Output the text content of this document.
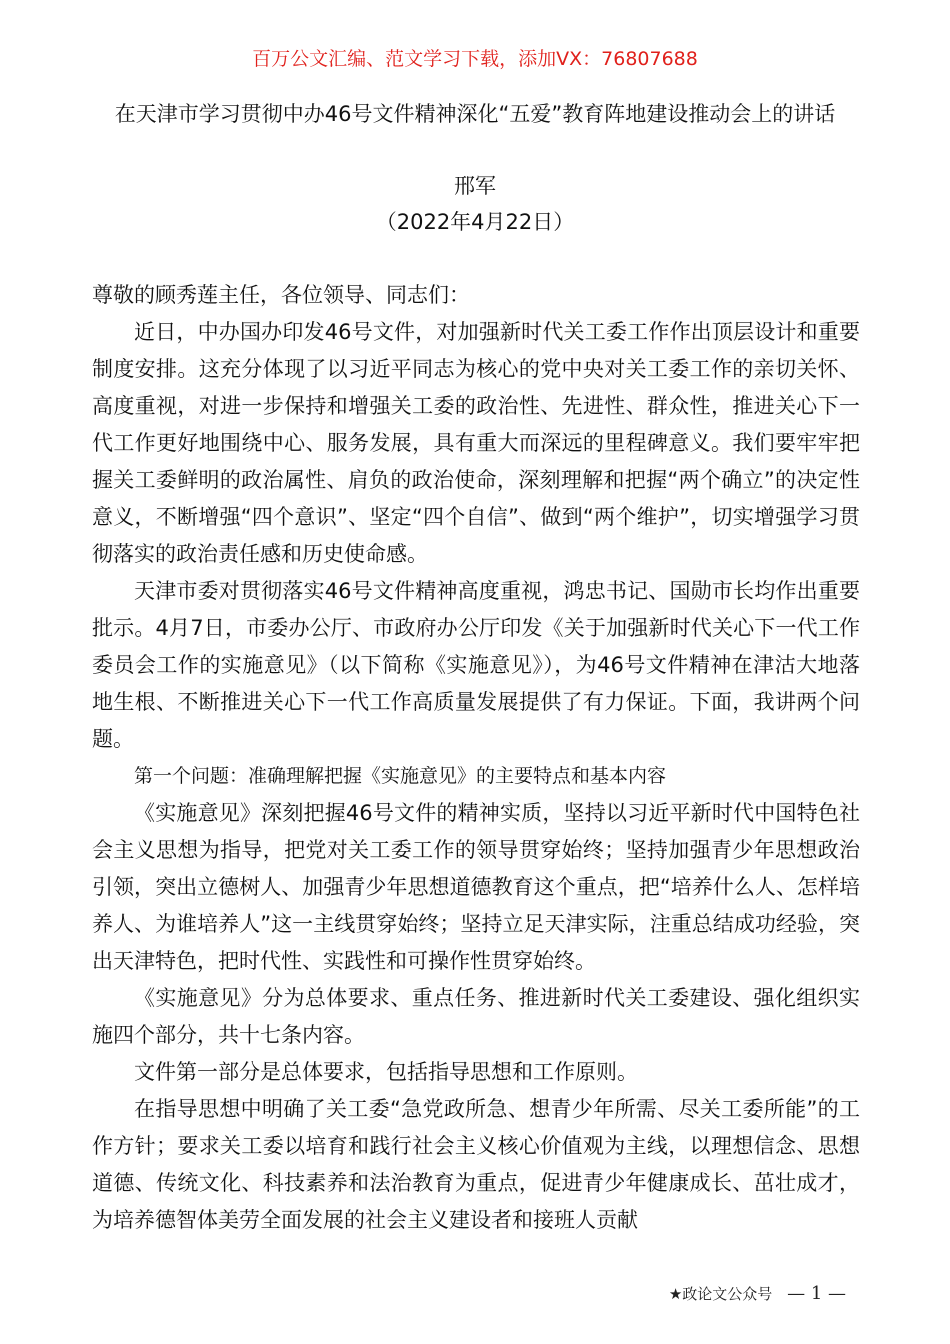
百万公文汇编、范文学习下载，添加VX：76807688
在天津市学习贯彻中办46号文件精神深化“五爱”教育阵地建设推动会上的讲话
邢军
（2022年4月22日）

尊敬的顾秀莲主任，各位领导、同志们：

近日，中办国办印发46号文件，对加强新时代关工委工作作出顶层设计和重要制度安排。这充分体现了以习近平同志为核心的党中央对关工委工作的亲切关怀、高度重视，对进一步保持和增强关工委的政治性、先进性、群众性，推进关心下一代工作更好地围绕中心、服务发展，具有重大而深远的里程碑意义。我们要牢牢把握关工委鲜明的政治属性、肩负的政治使命，深刻理解和把握“两个确立”的决定性意义，不断增强“四个意识”、坚定“四个自信”、做到“两个维护”，切实增强学习贯彻落实的政治责任感和历史使命感。

天津市委对贯彻落实46号文件精神高度重视，鸿忠书记、国勋市长均作出重要批示。4月7日，市委办公厅、市政府办公厅印发《关于加强新时代关心下一代工作委员会工作的实施意见》（以下简称《实施意见》），为46号文件精神在津沽大地落地生根、不断推进关心下一代工作高质量发展提供了有力保证。下面，我讲两个问题。

第一个问题：准确理解把握《实施意见》的主要特点和基本内容

《实施意见》深刻把握46号文件的精神实质，坚持以习近平新时代中国特色社会主义思想为指导，把党对关工委工作的领导贯穿始终；坚持加强青少年思想政治引领，突出立德树人、加强青少年思想道德教育这个重点，把“培养什么人、怎样培养人、为谁培养人”这一主线贯穿始终；坚持立足天津实际，注重总结成功经验，突出天津特色，把时代性、实践性和可操作性贯穿始终。

《实施意见》分为总体要求、重点任务、推进新时代关工委建设、强化组织实施四个部分，共十七条内容。

文件第一部分是总体要求，包括指导思想和工作原则。

在指导思想中明确了关工委“急党政所急、想青少年所需、尽关工委所能”的工作方针；要求关工委以培育和践行社会主义核心价值观为主线，以理想信念、思想道德、传统文化、科技素养和法治教育为重点，促进青少年健康成长、茁壮成才，为培养德智体美劳全面发展的社会主义建设者和接班人贡献

★政论文公众号 — 1 —
